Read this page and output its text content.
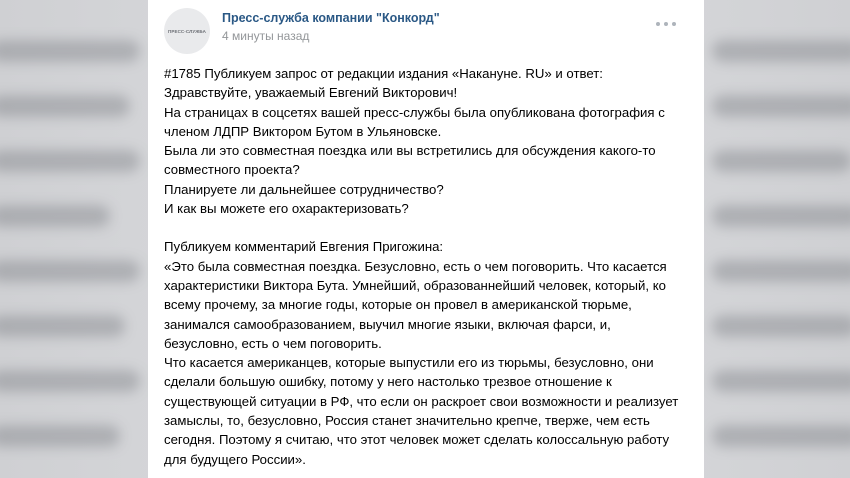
ПРЕСС-СЛУЖБА
Пресс-служба компании "Конкорд"
4 минуты назад

#1785 Публикуем запрос от редакции издания «Накануне. RU» и ответ:

Здравствуйте, уважаемый Евгений Викторович!

На страницах в соцсетях вашей пресс-службы была опубликована фотография с членом ЛДПР Виктором Бутом в Ульяновске.

Была ли это совместная поездка или вы встретились для обсуждения какого-то совместного проекта?

Планируете ли дальнейшее сотрудничество?

И как вы можете его охарактеризовать?

Публикуем комментарий Евгения Пригожина:

«Это была совместная поездка. Безусловно, есть о чем поговорить. Что касается характеристики Виктора Бута. Умнейший, образованнейший человек, который, ко всему прочему, за многие годы, которые он провел в американской тюрьме, занимался самообразованием, выучил многие языки, включая фарси, и, безусловно, есть о чем поговорить.

Что касается американцев, которые выпустили его из тюрьмы, безусловно, они сделали большую ошибку, потому у него настолько трезвое отношение к существующей ситуации в РФ, что если он раскроет свои возможности и реализует замыслы, то, безусловно, Россия станет значительно крепче, тверже, чем есть сегодня. Поэтому я считаю, что этот человек может сделать колоссальную работу для будущего России».
